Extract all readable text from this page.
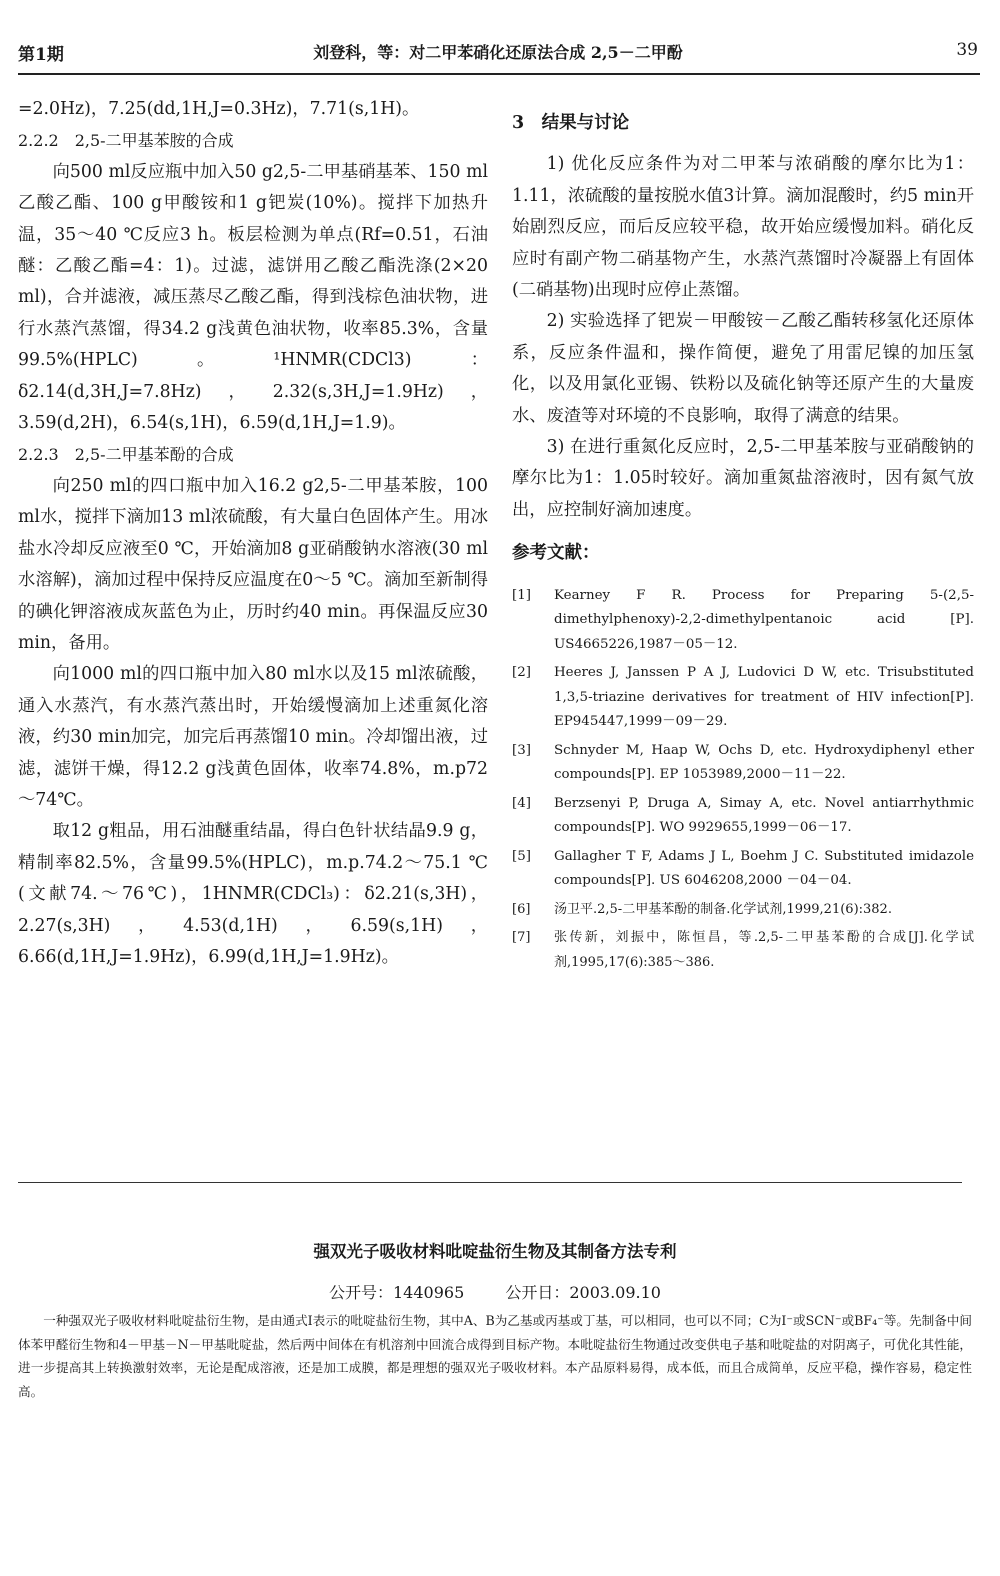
第1期	刘登科，等：对二甲苯硝化还原法合成 2,5－二甲酚	39

=2.0Hz)，7.25(dd,1H,J=0.3Hz)，7.71(s,1H)。

2.2.2　2,5-二甲基苯胺的合成

向500 ml反应瓶中加入50 g2,5-二甲基硝基苯、150 ml乙酸乙酯、100 g甲酸铵和1 g钯炭(10%)。搅拌下加热升温，35～40 ℃反应3 h。板层检测为单点(Rf=0.51，石油醚：乙酸乙酯=4：1)。过滤，滤饼用乙酸乙酯洗涤(2×20 ml)，合并滤液，减压蒸尽乙酸乙酯，得到浅棕色油状物，进行水蒸汽蒸馏，得34.2 g浅黄色油状物，收率85.3%，含量99.5%(HPLC)。¹HNMR(CDCl3)：δ2.14(d,3H,J=7.8Hz)，2.32(s,3H,J=1.9Hz)，3.59(d,2H)，6.54(s,1H)，6.59(d,1H,J=1.9)。

2.2.3　2,5-二甲基苯酚的合成

向250 ml的四口瓶中加入16.2 g2,5-二甲基苯胺，100 ml水，搅拌下滴加13 ml浓硫酸，有大量白色固体产生。用冰盐水冷却反应液至0 ℃，开始滴加8 g亚硝酸钠水溶液(30 ml水溶解)，滴加过程中保持反应温度在0～5 ℃。滴加至新制得的碘化钾溶液成灰蓝色为止，历时约40 min。再保温反应30 min，备用。

向1000 ml的四口瓶中加入80 ml水以及15 ml浓硫酸，通入水蒸汽，有水蒸汽蒸出时，开始缓慢滴加上述重氮化溶液，约30 min加完，加完后再蒸馏10 min。冷却馏出液，过滤，滤饼干燥，得12.2 g浅黄色固体，收率74.8%，m.p72～74℃。

取12 g粗品，用石油醚重结晶，得白色针状结晶9.9 g，精制率82.5%，含量99.5%(HPLC)，m.p.74.2～75.1 ℃(文献74.～76℃)，1HNMR(CDCl₃)：δ2.21(s,3H)，2.27(s,3H)，4.53(d,1H)，6.59(s,1H)，6.66(d,1H,J=1.9Hz)，6.99(d,1H,J=1.9Hz)。

3　结果与讨论

1) 优化反应条件为对二甲苯与浓硝酸的摩尔比为1：1.11，浓硫酸的量按脱水值3计算。滴加混酸时，约5 min开始剧烈反应，而后反应较平稳，故开始应缓慢加料。硝化反应时有副产物二硝基物产生，水蒸汽蒸馏时冷凝器上有固体(二硝基物)出现时应停止蒸馏。

2) 实验选择了钯炭－甲酸铵－乙酸乙酯转移氢化还原体系，反应条件温和，操作简便，避免了用雷尼镍的加压氢化，以及用氯化亚锡、铁粉以及硫化钠等还原产生的大量废水、废渣等对环境的不良影响，取得了满意的结果。

3) 在进行重氮化反应时，2,5-二甲基苯胺与亚硝酸钠的摩尔比为1：1.05时较好。滴加重氮盐溶液时，因有氮气放出，应控制好滴加速度。

参考文献：
[1]	Kearney F R. Process for Preparing 5-(2,5-dimethylphenoxy)-2,2-dimethylpentanoic acid [P]. US4665226,1987－05－12.
[2]	Heeres J, Janssen P A J, Ludovici D W, etc. Trisubstituted 1,3,5-triazine derivatives for treatment of HIV infection[P]. EP945447,1999－09－29.
[3]	Schnyder M, Haap W, Ochs D, etc. Hydroxydiphenyl ether compounds[P]. EP 1053989,2000－11－22.
[4]	Berzsenyi P, Druga A, Simay A, etc. Novel antiarrhythmic compounds[P]. WO 9929655,1999－06－17.
[5]	Gallagher T F, Adams J L, Boehm J C. Substituted imidazole compounds[P]. US 6046208,2000 －04－04.
[6]	汤卫平.2,5-二甲基苯酚的制备.化学试剂,1999,21(6):382.
[7]	张传新，刘振中，陈恒昌，等.2,5-二甲基苯酚的合成[J].化学试剂,1995,17(6):385～386.
强双光子吸收材料吡啶盐衍生物及其制备方法专利
公开号：1440965	公开日：2003.09.10

一种强双光子吸收材料吡啶盐衍生物，是由通式Ⅰ表示的吡啶盐衍生物，其中A、B为乙基或丙基或丁基，可以相同，也可以不同；C为I⁻或SCN⁻或BF₄⁻等。先制备中间体苯甲醛衍生物和4－甲基－N－甲基吡啶盐，然后两中间体在有机溶剂中回流合成得到目标产物。本吡啶盐衍生物通过改变供电子基和吡啶盐的对阴离子，可优化其性能，进一步提高其上转换激射效率，无论是配成溶液，还是加工成膜，都是理想的强双光子吸收材料。本产品原料易得，成本低，而且合成简单，反应平稳，操作容易，稳定性高。
